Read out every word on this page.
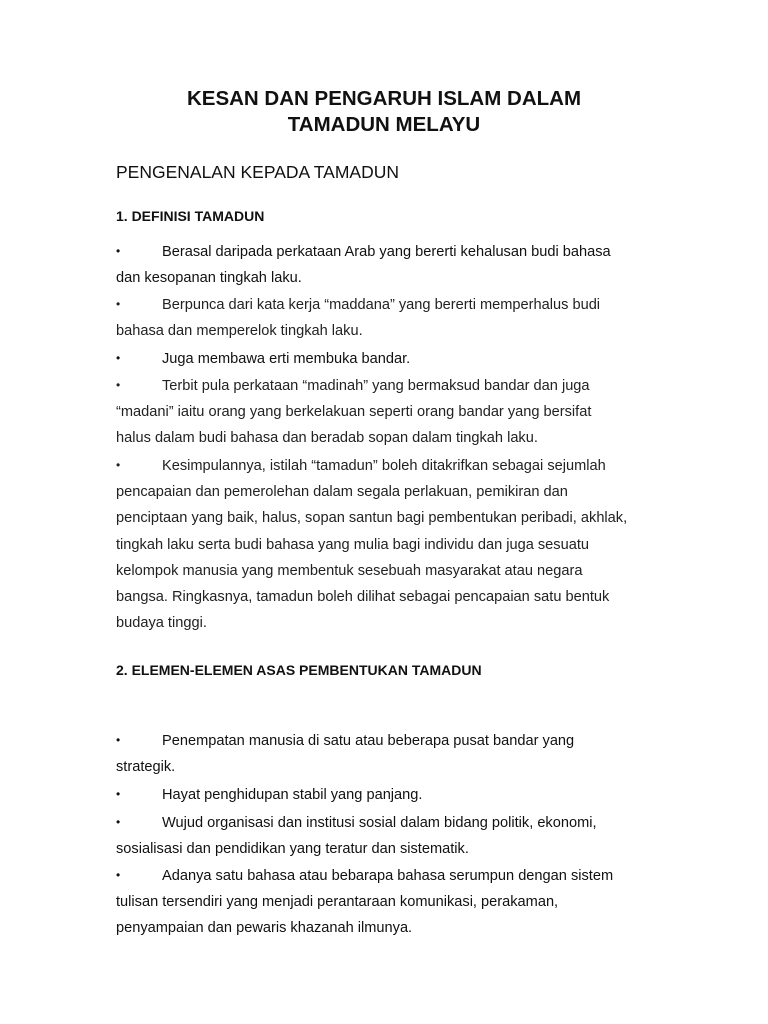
KESAN DAN PENGARUH ISLAM DALAM
TAMADUN MELAYU
PENGENALAN KEPADA TAMADUN
1. DEFINISI TAMADUN

•Berasal daripada perkataan Arab yang bererti kehalusan budi bahasa
dan kesopanan tingkah laku.

•Berpunca dari kata kerja “maddana” yang bererti memperhalus budi
bahasa dan memperelok tingkah laku.

•Juga membawa erti membuka bandar.

•Terbit pula perkataan “madinah” yang bermaksud bandar dan juga
“madani” iaitu orang yang berkelakuan seperti orang bandar yang bersifat
halus dalam budi bahasa dan beradab sopan dalam tingkah laku.

•Kesimpulannya, istilah “tamadun” boleh ditakrifkan sebagai sejumlah
pencapaian dan pemerolehan dalam segala perlakuan, pemikiran dan
penciptaan yang baik, halus, sopan santun bagi pembentukan peribadi, akhlak,
tingkah laku serta budi bahasa yang mulia bagi individu dan juga sesuatu
kelompok manusia yang membentuk sesebuah masyarakat atau negara
bangsa. Ringkasnya, tamadun boleh dilihat sebagai pencapaian satu bentuk
budaya tinggi.

2. ELEMEN-ELEMEN ASAS PEMBENTUKAN TAMADUN

•Penempatan manusia di satu atau beberapa pusat bandar yang
strategik.

•Hayat penghidupan stabil yang panjang.

•Wujud organisasi dan institusi sosial dalam bidang politik, ekonomi,
sosialisasi dan pendidikan yang teratur dan sistematik.

•Adanya satu bahasa atau bebarapa bahasa serumpun dengan sistem
tulisan tersendiri yang menjadi perantaraan komunikasi, perakaman,
penyampaian dan pewaris khazanah ilmunya.
